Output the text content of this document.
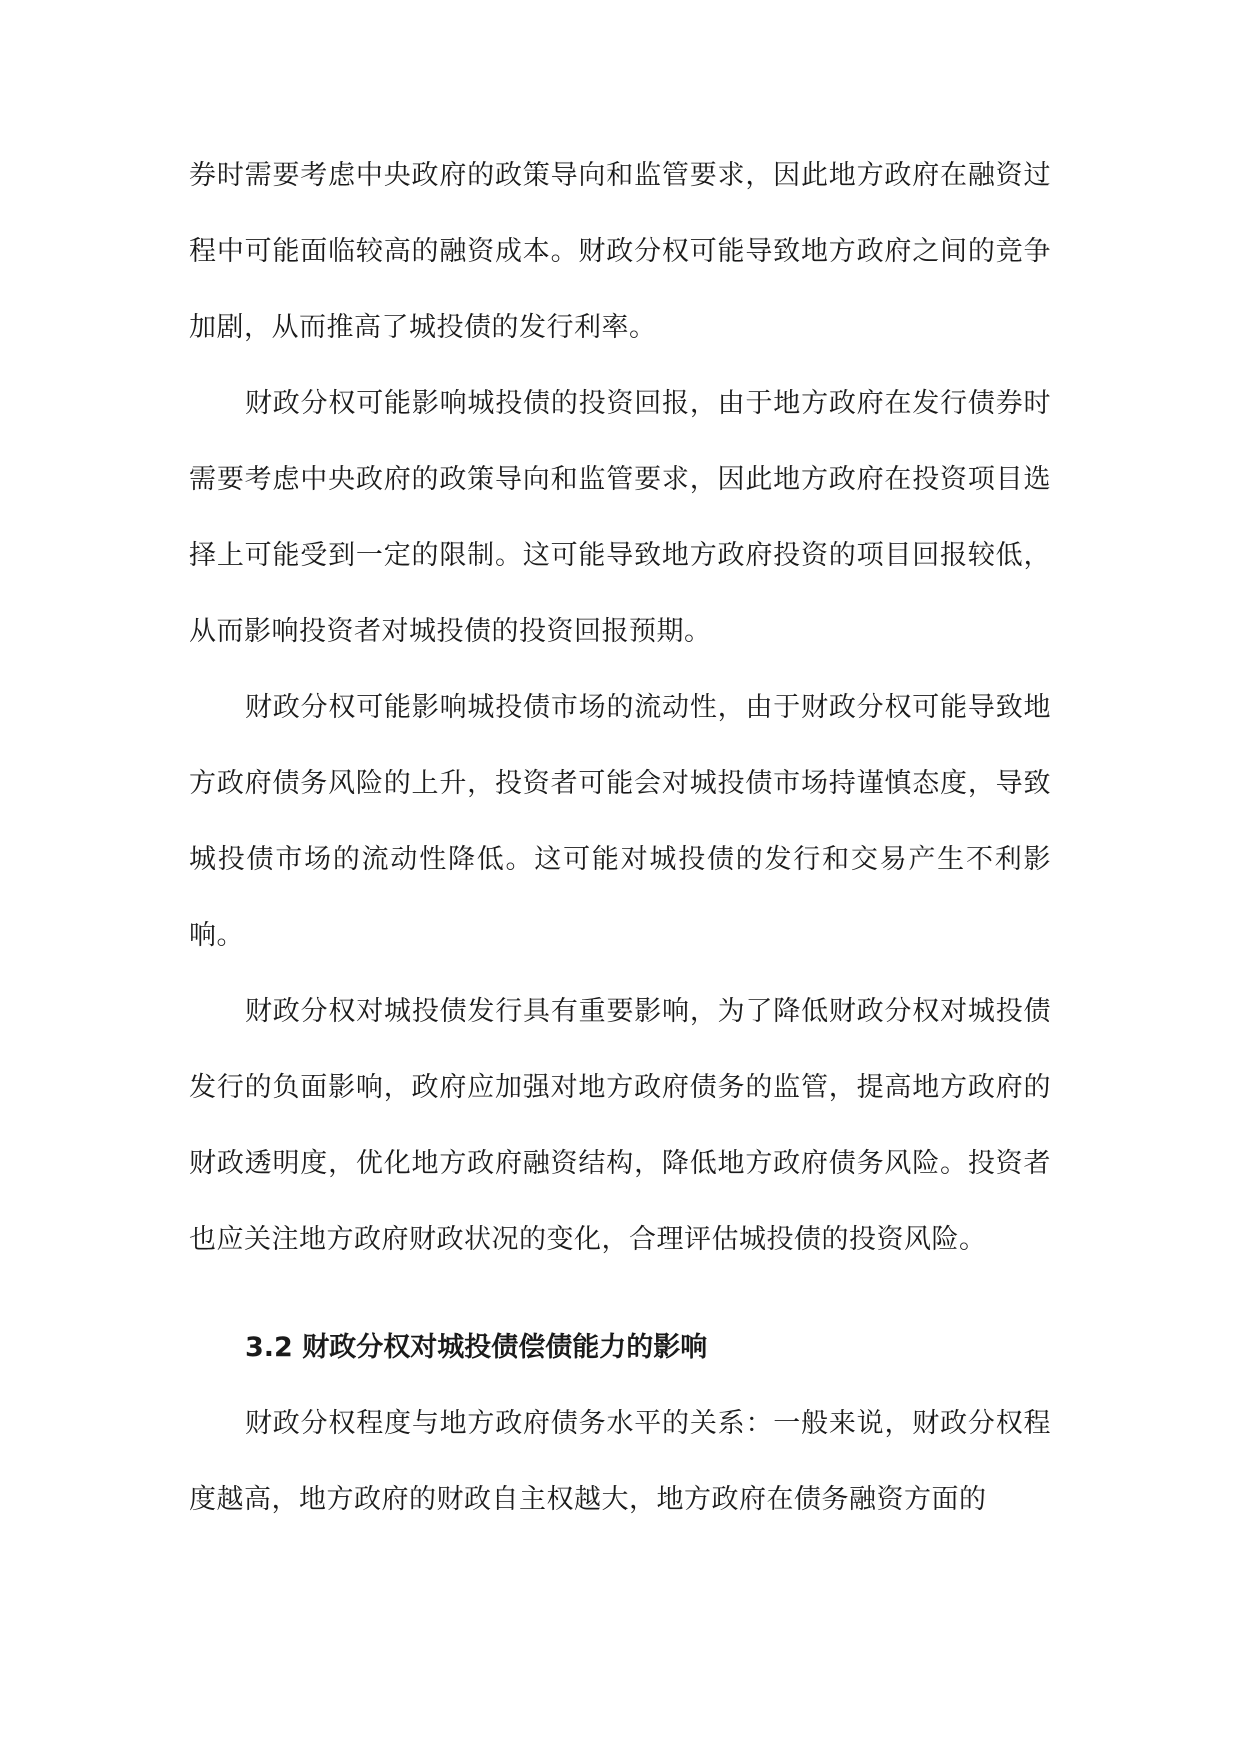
券时需要考虑中央政府的政策导向和监管要求，因此地方政府在融资过程中可能面临较高的融资成本。财政分权可能导致地方政府之间的竞争加剧，从而推高了城投债的发行利率。

财政分权可能影响城投债的投资回报，由于地方政府在发行债券时需要考虑中央政府的政策导向和监管要求，因此地方政府在投资项目选择上可能受到一定的限制。这可能导致地方政府投资的项目回报较低，从而影响投资者对城投债的投资回报预期。

财政分权可能影响城投债市场的流动性，由于财政分权可能导致地方政府债务风险的上升，投资者可能会对城投债市场持谨慎态度，导致城投债市场的流动性降低。这可能对城投债的发行和交易产生不利影响。

财政分权对城投债发行具有重要影响，为了降低财政分权对城投债发行的负面影响，政府应加强对地方政府债务的监管，提高地方政府的财政透明度，优化地方政府融资结构，降低地方政府债务风险。投资者也应关注地方政府财政状况的变化，合理评估城投债的投资风险。

3.2 财政分权对城投债偿债能力的影响

财政分权程度与地方政府债务水平的关系：一般来说，财政分权程度越高，地方政府的财政自主权越大，地方政府在债务融资方面的
